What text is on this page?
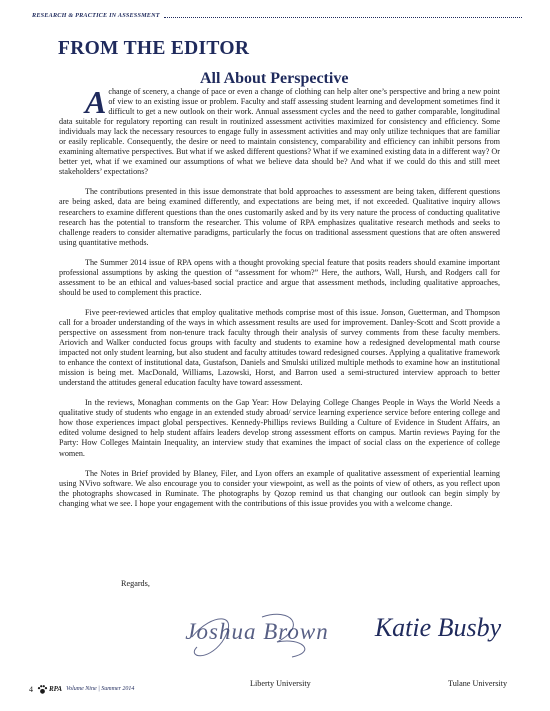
RESEARCH & PRACTICE IN ASSESSMENT
FROM THE EDITOR
All About Perspective

A change of scenery, a change of pace or even a change of clothing can help alter one’s perspective and bring a new point of view to an existing issue or problem. Faculty and staff assessing student learning and development sometimes find it difficult to get a new outlook on their work. Annual assessment cycles and the need to gather comparable, longitudinal data suitable for regulatory reporting can result in routinized assessment activities maximized for consistency and efficiency. Some individuals may lack the necessary resources to engage fully in assessment activities and may only utilize techniques that are familiar or easily replicable. Consequently, the desire or need to maintain consistency, comparability and efficiency can inhibit persons from examining alternative perspectives. But what if we asked different questions? What if we examined existing data in a different way? Or better yet, what if we examined our assumptions of what we believe data should be? And what if we could do this and still meet stakeholders’ expectations?

The contributions presented in this issue demonstrate that bold approaches to assessment are being taken, different questions are being asked, data are being examined differently, and expectations are being met, if not exceeded. Qualitative inquiry allows researchers to examine different questions than the ones customarily asked and by its very nature the process of conducting qualitative research has the potential to transform the researcher. This volume of RPA emphasizes qualitative research methods and seeks to challenge readers to consider alternative paradigms, particularly the focus on traditional assessment questions that are often answered using quantitative methods.

The Summer 2014 issue of RPA opens with a thought provoking special feature that posits readers should examine important professional assumptions by asking the question of “assessment for whom?” Here, the authors, Wall, Hursh, and Rodgers call for assessment to be an ethical and values-based social practice and argue that assessment methods, including qualitative approaches, should be used to complement this practice.

Five peer-reviewed articles that employ qualitative methods comprise most of this issue. Jonson, Guetterman, and Thompson call for a broader understanding of the ways in which assessment results are used for improvement. Danley-Scott and Scott provide a perspective on assessment from non-tenure track faculty through their analysis of survey comments from these faculty members. Ariovich and Walker conducted focus groups with faculty and students to examine how a redesigned developmental math course impacted not only student learning, but also student and faculty attitudes toward redesigned courses. Applying a qualitative framework to enhance the context of institutional data, Gustafson, Daniels and Smulski utilized multiple methods to examine how an institutional mission is being met. MacDonald, Williams, Lazowski, Horst, and Barron used a semi-structured interview approach to better understand the attitudes general education faculty have toward assessment.

In the reviews, Monaghan comments on the Gap Year: How Delaying College Changes People in Ways the World Needs a qualitative study of students who engage in an extended study abroad/ service learning experience service before entering college and how those experiences impact global perspectives. Kennedy-Phillips reviews Building a Culture of Evidence in Student Affairs, an edited volume designed to help student affairs leaders develop strong assessment efforts on campus. Martin reviews Paying for the Party: How Colleges Maintain Inequality, an interview study that examines the impact of social class on the experience of college women.

The Notes in Brief provided by Blaney, Filer, and Lyon offers an example of qualitative assessment of experiential learning using NVivo software. We also encourage you to consider your viewpoint, as well as the points of view of others, as you reflect upon the photographs showcased in Ruminate. The photographs by Qozop remind us that changing our outlook can begin simply by changing what we see. I hope your engagement with the contributions of this issue provides you with a welcome change.

Regards,
Joshua Brown Katie Busby
Liberty University	Tulane University
4 RPA Volume Nine | Summer 2014
